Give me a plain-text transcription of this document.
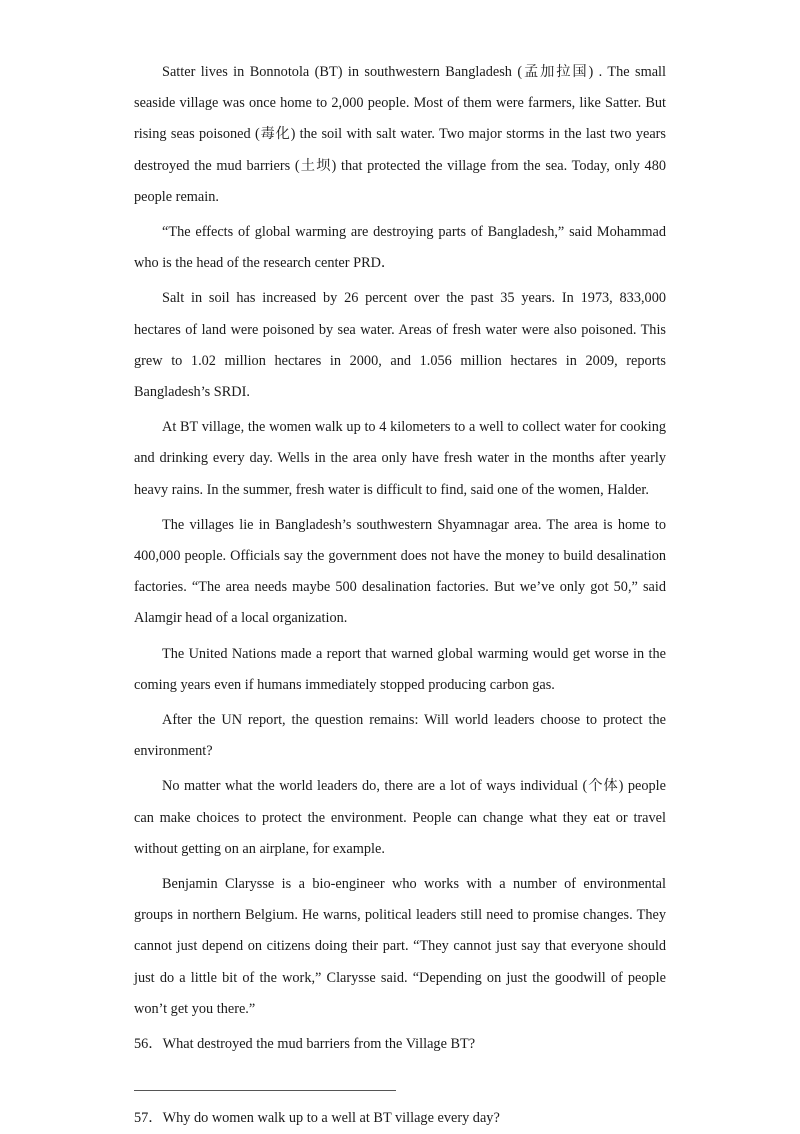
Satter lives in Bonnotola (BT) in southwestern Bangladesh (孟加拉国) . The small seaside village was once home to 2,000 people. Most of them were farmers, like Satter. But rising seas poisoned (毒化) the soil with salt water. Two major storms in the last two years destroyed the mud barriers (土坝) that protected the village from the sea. Today, only 480 people remain.

“The effects of global warming are destroying parts of Bangladesh,” said Mohammad who is the head of the research center PRD．

Salt in soil has increased by 26 percent over the past 35 years. In 1973, 833,000 hectares of land were poisoned by sea water. Areas of fresh water were also poisoned. This grew to 1.02 million hectares in 2000, and 1.056 million hectares in 2009, reports Bangladesh’s SRDI.

At BT village, the women walk up to 4 kilometers to a well to collect water for cooking and drinking every day. Wells in the area only have fresh water in the months after yearly heavy rains. In the summer, fresh water is difficult to find, said one of the women, Halder.

The villages lie in Bangladesh’s southwestern Shyamnagar area. The area is home to 400,000 people. Officials say the government does not have the money to build desalination factories. “The area needs maybe 500 desalination factories. But we’ve only got 50,” said Alamgir head of a local organization.

The United Nations made a report that warned global warming would get worse in the coming years even if humans immediately stopped producing carbon gas.

After the UN report, the question remains: Will world leaders choose to protect the environment?

No matter what the world leaders do, there are a lot of ways individual (个体) people can make choices to protect the environment. People can change what they eat or travel without getting on an airplane, for example.

Benjamin Clarysse is a bio-engineer who works with a number of environmental groups in northern Belgium. He warns, political leaders still need to promise changes. They cannot just depend on citizens doing their part. “They cannot just say that everyone should just do a little bit of the work,” Clarysse said. “Depending on just the goodwill of people won’t get you there.”

56．What destroyed the mud barriers from the Village BT?

57．Why do women walk up to a well at BT village every day?
